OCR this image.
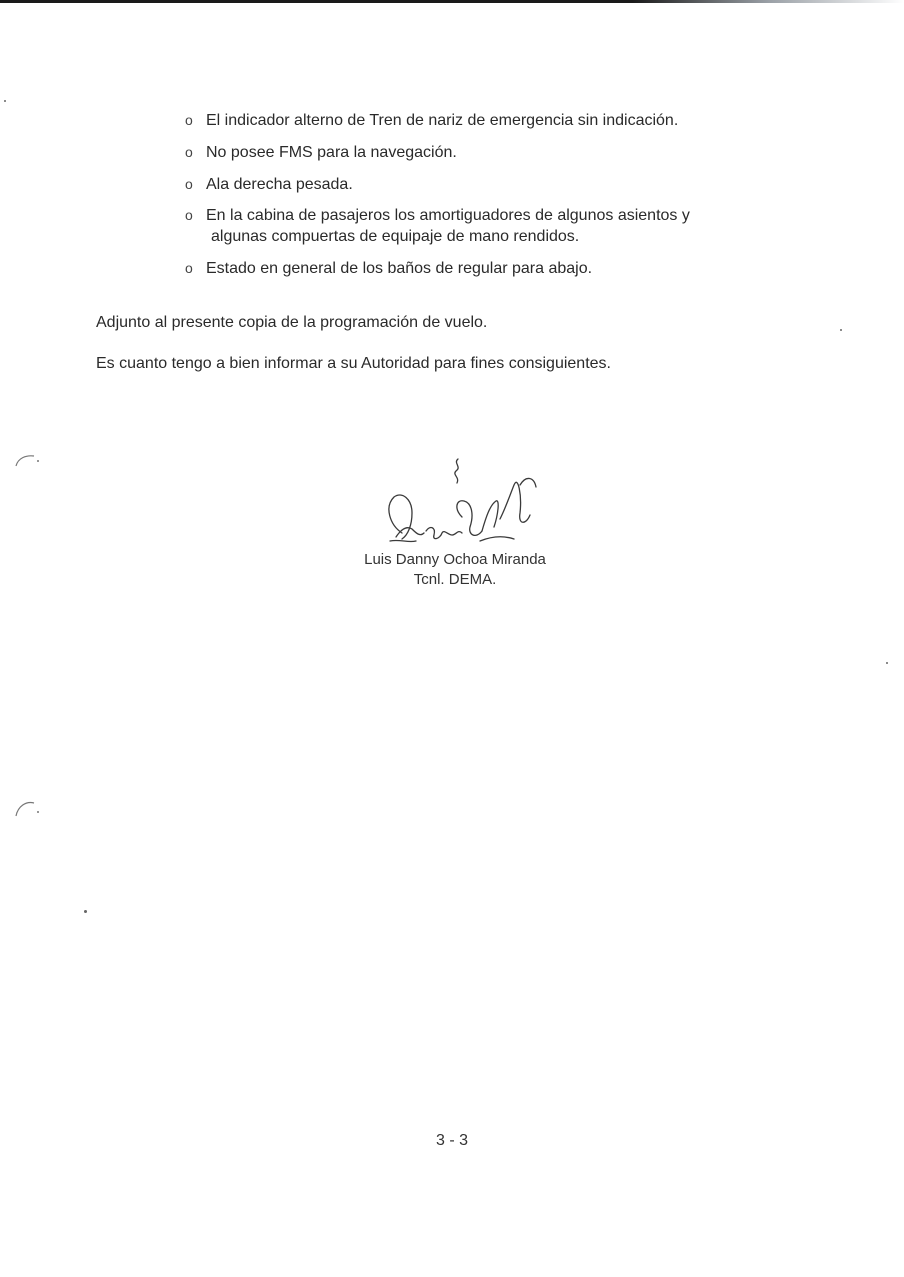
o El indicador alterno de Tren de nariz de emergencia sin indicación.
o No posee FMS para la navegación.
o Ala derecha pesada.
o En la cabina de pasajeros los amortiguadores de algunos asientos y
algunas compuertas de equipaje de mano rendidos.
o Estado en general de los baños de regular para abajo.

Adjunto al presente copia de la programación de vuelo.

Es cuanto tengo a bien informar a su Autoridad para fines consiguientes.

Luis Danny Ochoa Miranda
Tcnl. DEMA.
3 - 3
